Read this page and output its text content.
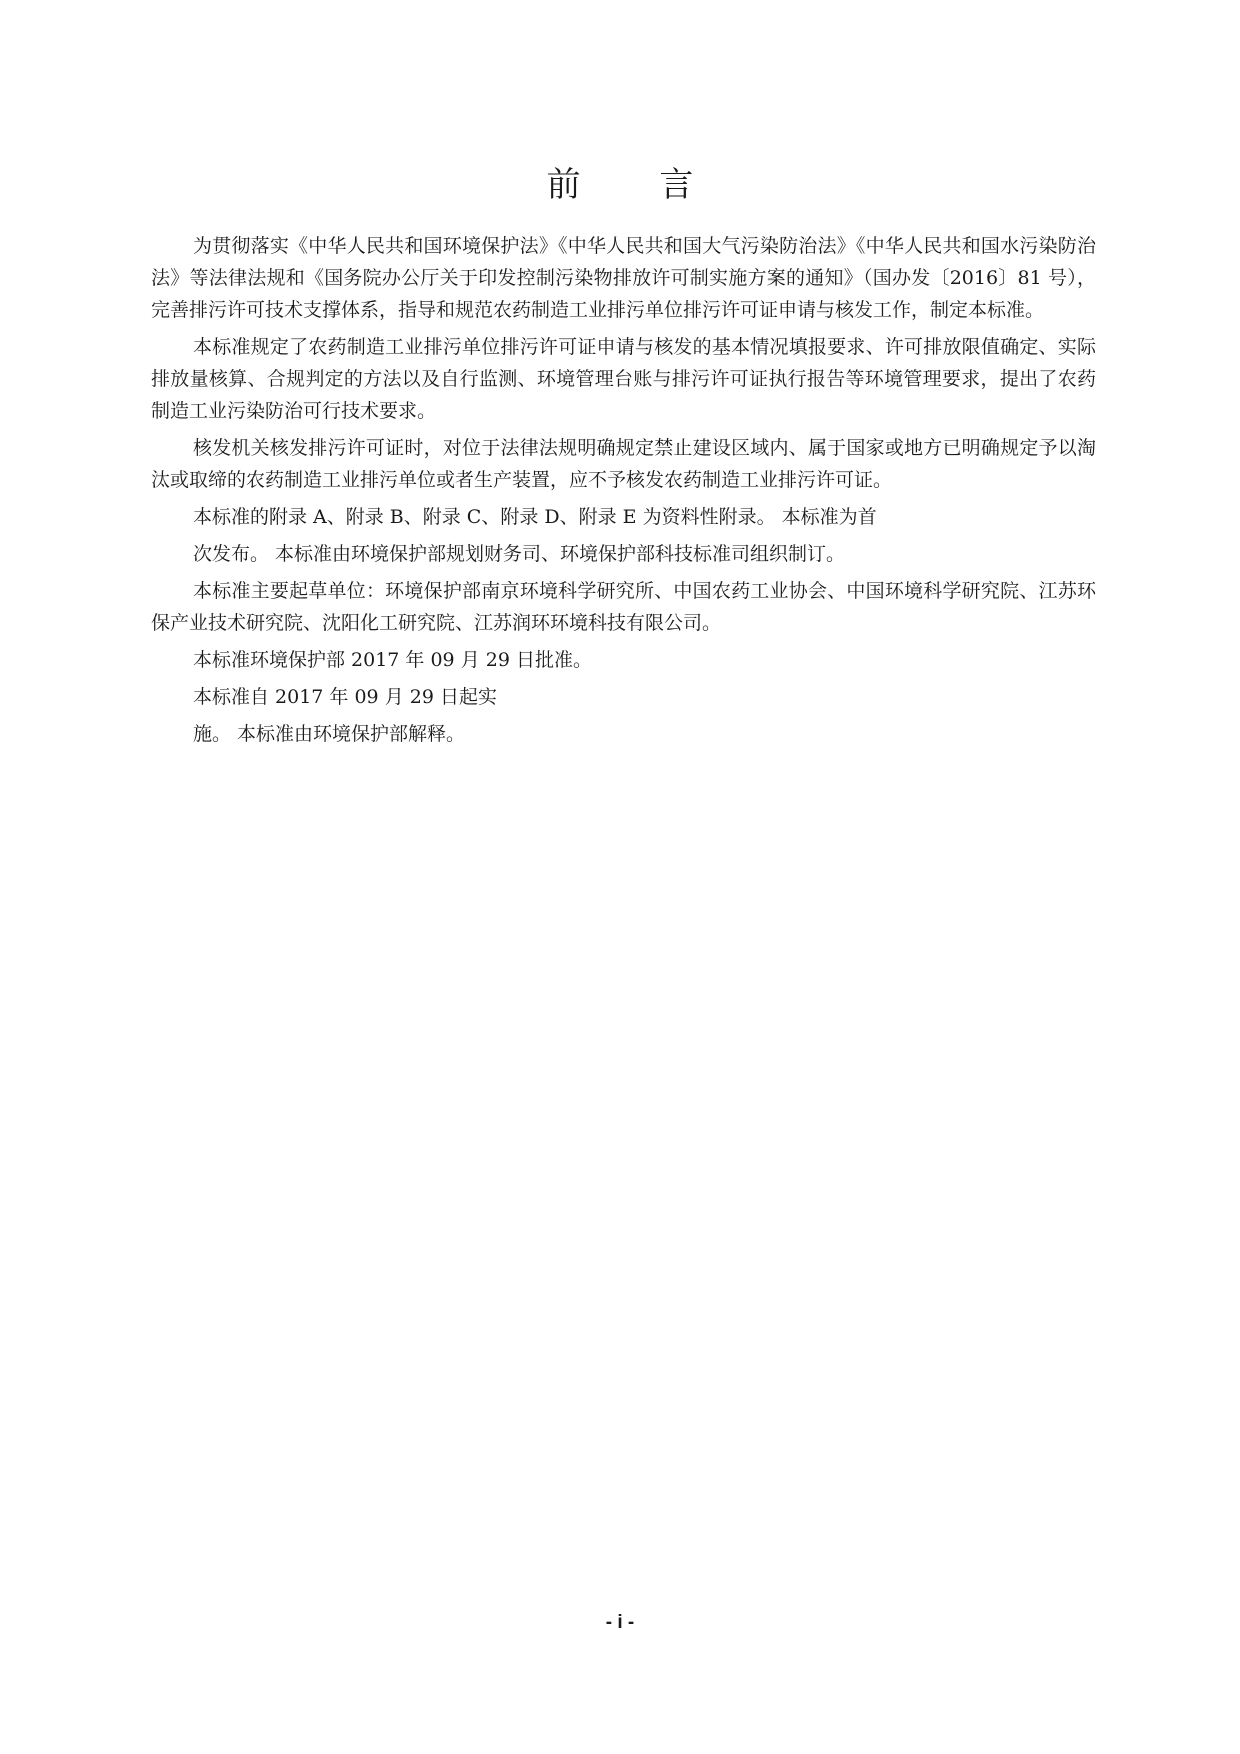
前 言

为贯彻落实《中华人民共和国环境保护法》《中华人民共和国大气污染防治法》《中华人民共和国水污染防治法》等法律法规和《国务院办公厅关于印发控制污染物排放许可制实施方案的通知》（国办发〔2016〕81 号），完善排污许可技术支撑体系，指导和规范农药制造工业排污单位排污许可证申请与核发工作，制定本标准。

本标准规定了农药制造工业排污单位排污许可证申请与核发的基本情况填报要求、许可排放限值确定、实际排放量核算、合规判定的方法以及自行监测、环境管理台账与排污许可证执行报告等环境管理要求，提出了农药制造工业污染防治可行技术要求。

核发机关核发排污许可证时，对位于法律法规明确规定禁止建设区域内、属于国家或地方已明确规定予以淘汰或取缔的农药制造工业排污单位或者生产装置，应不予核发农药制造工业排污许可证。

本标准的附录 A、附录 B、附录 C、附录 D、附录 E 为资料性附录。 本标准为首

次发布。 本标准由环境保护部规划财务司、环境保护部科技标准司组织制订。

本标准主要起草单位：环境保护部南京环境科学研究所、中国农药工业协会、中国环境科学研究院、江苏环保产业技术研究院、沈阳化工研究院、江苏润环环境科技有限公司。

本标准环境保护部 2017 年 09 月 29 日批准。

本标准自 2017 年 09 月 29 日起实

施。 本标准由环境保护部解释。

- i -
